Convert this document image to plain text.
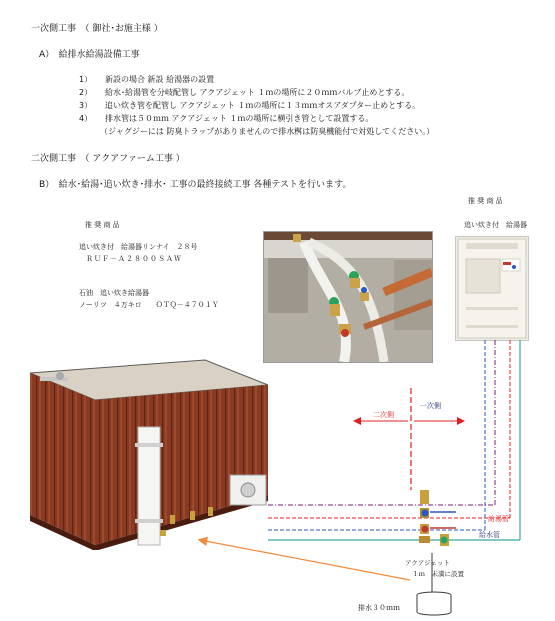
一次側工事　（ 御社･お施主様 ）
A）　給排水給湯設備工事
1） 新設の場合 新設 給湯器の設置
2） 給水･給湯管を分岐配管し アクアジェット １ｍの場所に２０ｍｍバルブ止めとする。
3） 追い炊き管を配管し アクアジェット １ｍの場所に１３ｍｍオスアダプター止めとする。
4） 排水管は５０ｍｍ アクアジェット １ｍの場所に横引き管として設置する。
（ジャグジーには 防臭トラップがありませんので排水桝は防臭機能付で対処してください。）
二次側工事　（ アクアファーム工事 ）
B）　給水･給湯･追い炊き･排水･ 工事の最終接続工事 各種テストを行います。
推 奨 商 品
追い炊き付　給湯器リンナイ　２８号
ＲＵＦ－Ａ２８００ＳＡＷ
石油　追い炊き給湯器
ノーリツ　４万キロ　　ＯＴＱ－４７０１Ｙ
推 奨 商 品
追い炊き付　給湯器
二次側
一次側
給湯管
給水管
アクアジェット
１ｍ　未満に設置
排水３０ｍｍ
